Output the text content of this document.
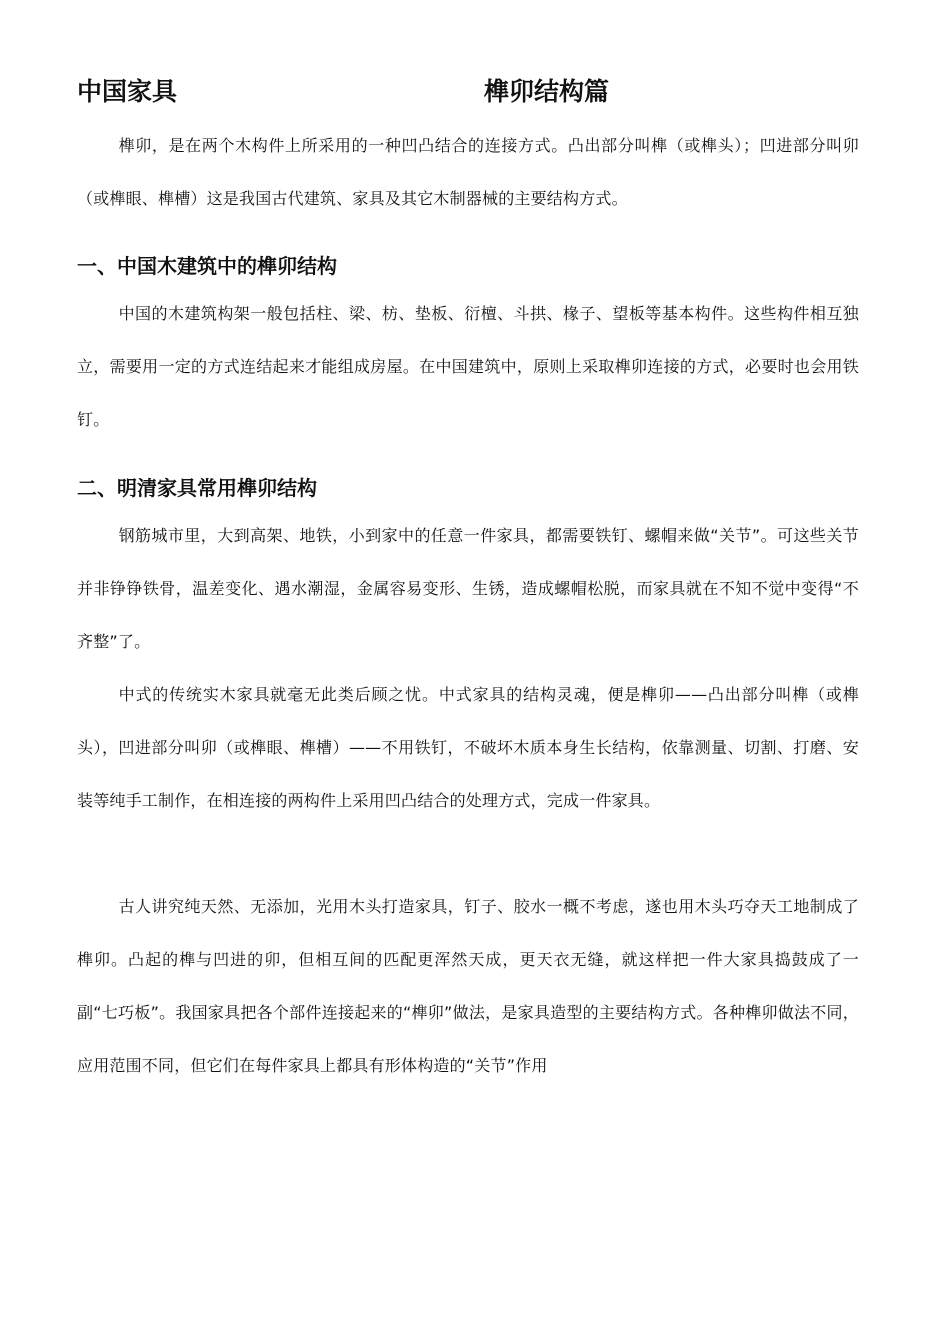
中国家具	榫卯结构篇

榫卯，是在两个木构件上所采用的一种凹凸结合的连接方式。凸出部分叫榫（或榫头）；凹进部分叫卯（或榫眼、榫槽）这是我国古代建筑、家具及其它木制器械的主要结构方式。

一、中国木建筑中的榫卯结构

中国的木建筑构架一般包括柱、梁、枋、垫板、衍檀、斗拱、椽子、望板等基本构件。这些构件相互独立，需要用一定的方式连结起来才能组成房屋。在中国建筑中，原则上采取榫卯连接的方式，必要时也会用铁钉。

二、明清家具常用榫卯结构

钢筋城市里，大到高架、地铁，小到家中的任意一件家具，都需要铁钉、螺帽来做“关节”。可这些关节并非铮铮铁骨，温差变化、遇水潮湿，金属容易变形、生锈，造成螺帽松脱，而家具就在不知不觉中变得“不齐整”了。

中式的传统实木家具就毫无此类后顾之忧。中式家具的结构灵魂，便是榫卯——凸出部分叫榫（或榫头），凹进部分叫卯（或榫眼、榫槽）——不用铁钉，不破坏木质本身生长结构，依靠测量、切割、打磨、安装等纯手工制作，在相连接的两构件上采用凹凸结合的处理方式，完成一件家具。

古人讲究纯天然、无添加，光用木头打造家具，钉子、胶水一概不考虑，遂也用木头巧夺天工地制成了榫卯。凸起的榫与凹进的卯，但相互间的匹配更浑然天成，更天衣无缝，就这样把一件大家具捣鼓成了一副“七巧板”。我国家具把各个部件连接起来的“榫卯”做法，是家具造型的主要结构方式。各种榫卯做法不同，应用范围不同，但它们在每件家具上都具有形体构造的“关节”作用
